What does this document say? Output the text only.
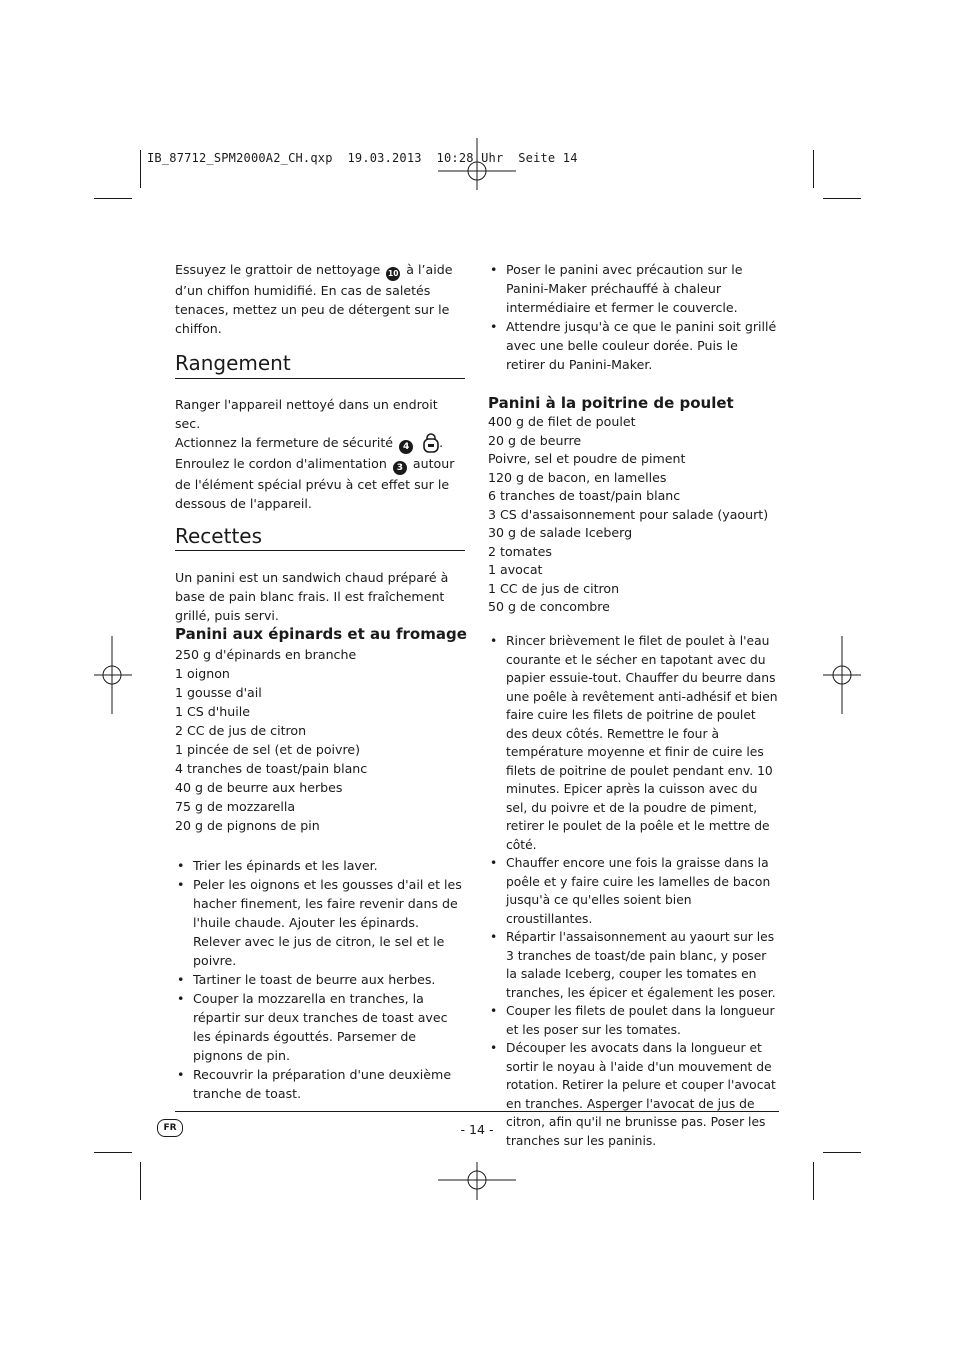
IB_87712_SPM2000A2_CH.qxp  19.03.2013  10:28 Uhr  Seite 14

Essuyez le grattoir de nettoyage 10 à l’aide d’un chiffon humidifié. En cas de saletés tenaces, mettez un peu de détergent sur le chiffon.

Rangement

Ranger l'appareil nettoyé dans un endroit sec.

Actionnez la fermeture de sécurité 4 .

Enroulez le cordon d'alimentation 3 autour de l'élément spécial prévu à cet effet sur le dessous de l'appareil.

Recettes

Un panini est un sandwich chaud préparé à base de pain blanc frais. Il est fraîchement grillé, puis servi.

Panini aux épinards et au fromage
250 g d'épinards en branche
1 oignon
1 gousse d'ail
1 CS d'huile
2 CC de jus de citron
1 pincée de sel (et de poivre)
4 tranches de toast/pain blanc
40 g de beurre aux herbes
75 g de mozzarella
20 g de pignons de pin
• Trier les épinards et les laver.
• Peler les oignons et les gousses d'ail et les hacher finement, les faire revenir dans de l'huile chaude. Ajouter les épinards. Relever avec le jus de citron, le sel et le poivre.
• Tartiner le toast de beurre aux herbes.
• Couper la mozzarella en tranches, la répartir sur deux tranches de toast avec les épinards égouttés. Parsemer de pignons de pin.
• Recouvrir la préparation d'une deuxième tranche de toast.
• Poser le panini avec précaution sur le Panini-Maker préchauffé à chaleur intermédiaire et fermer le couvercle.
• Attendre jusqu'à ce que le panini soit grillé avec une belle couleur dorée. Puis le retirer du Panini-Maker.
Panini à la poitrine de poulet
400 g de filet de poulet
20 g de beurre
Poivre, sel et poudre de piment
120 g de bacon, en lamelles
6 tranches de toast/pain blanc
3 CS d'assaisonnement pour salade (yaourt)
30 g de salade Iceberg
2 tomates
1 avocat
1 CC de jus de citron
50 g de concombre
• Rincer brièvement le filet de poulet à l'eau courante et le sécher en tapotant avec du papier essuie-tout. Chauffer du beurre dans une poêle à revêtement anti-adhésif et bien faire cuire les filets de poitrine de poulet des deux côtés. Remettre le four à température moyenne et finir de cuire les filets de poitrine de poulet pendant env. 10 minutes. Epicer après la cuisson avec du sel, du poivre et de la poudre de piment, retirer le poulet de la poêle et le mettre de côté.
• Chauffer encore une fois la graisse dans la poêle et y faire cuire les lamelles de bacon jusqu'à ce qu'elles soient bien croustillantes.
• Répartir l'assaisonnement au yaourt sur les 3 tranches de toast/de pain blanc, y poser la salade Iceberg, couper les tomates en tranches, les épicer et également les poser.
• Couper les filets de poulet dans la longueur et les poser sur les tomates.
• Découper les avocats dans la longueur et sortir le noyau à l'aide d'un mouvement de rotation. Retirer la pelure et couper l'avocat en tranches. Asperger l'avocat de jus de citron, afin qu'il ne brunisse pas. Poser les tranches sur les paninis.
FR	- 14 -
